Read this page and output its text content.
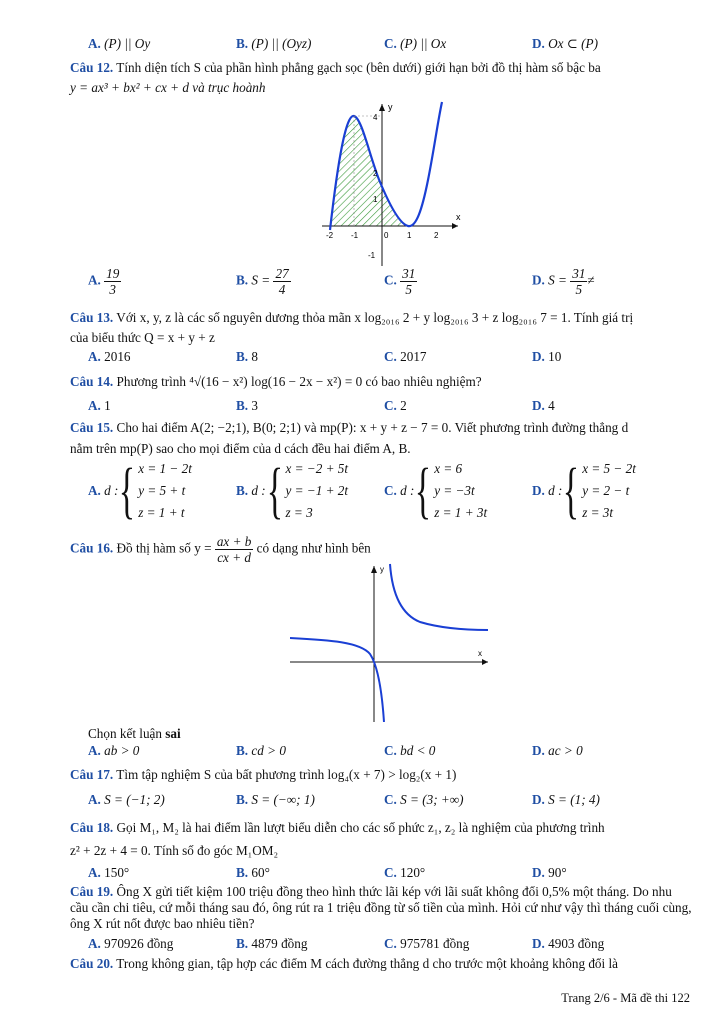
A. (P) || Oy	B. (P) || (Oyz)	C. (P) || Ox	D. Ox ⊂ (P)
Câu 12. Tính diện tích S của phần hình phẳng gạch sọc (bên dưới) giới hạn bởi đồ thị hàm số bậc ba
y = ax³ + bx² + cx + d và trục hoành
y
x
-2 -1	0 1	2
4
2
1
-1
A. $\frac{19}{3}$	B. $S = \frac{27}{4}$	C. $\frac{31}{5}$	D. $S = \frac{31}{5}$ ≠
Câu 13. Với x, y, z là các số nguyên dương thỏa mãn x log₂₀₁₆ 2 + y log₂₀₁₆ 3 + z log₂₀₁₆ 7 = 1. Tính giá trị
của biểu thức Q = x + y + z
A. 2016	B. 8	C. 2017	D. 10
Câu 14. Phương trình ⁴√(16 − x²) log(16 − 2x − x²) = 0 có bao nhiêu nghiệm?
A. 1	B. 3	C. 2	D. 4
Câu 15. Cho hai điểm A(2; −2;1), B(0; 2;1) và mp(P): x + y + z − 7 = 0. Viết phương trình đường thẳng d
nằm trên mp(P) sao cho mọi điểm của d cách đều hai điểm A, B.
A. d :{ x = 1 − 2t
y = 5 + t
z = 1 + t
B. d :{ x = −2 + 5t
y = −1 + 2t
z = 3
C. d :{ x = 6
y = −3t
z = 1 + 3t
D. d :{ x = 5 − 2t
y = 2 − t
z = 3t
Câu 16. Đồ thị hàm số $y = \frac{ax + b}{cx + d}$ có dạng như hình bên
y
x
Chọn kết luận sai
A. ab > 0	B. cd > 0	C. bd < 0	D. ac > 0
Câu 17. Tìm tập nghiệm S của bất phương trình log₄(x + 7) > log₂(x + 1)
A. S = (−1; 2)	B. S = (−∞; 1)	C. S = (3; +∞)	D. S = (1; 4)
Câu 18. Gọi M₁, M₂ là hai điểm lần lượt biểu diễn cho các số phức z₁, z₂ là nghiệm của phương trình
z² + 2z + 4 = 0. Tính số đo góc M₁OM₂
A. 150°	B. 60°	C. 120°	D. 90°
Câu 19. Ông X gửi tiết kiệm 100 triệu đồng theo hình thức lãi kép với lãi suất không đổi 0,5% một tháng. Do nhu cầu cần chi tiêu, cứ mỗi tháng sau đó, ông rút ra 1 triệu đồng từ số tiền của mình. Hỏi cứ như vậy thì tháng cuối cùng, ông X rút nốt được bao nhiêu tiền?
A. 970926 đồng	B. 4879 đồng	C. 975781 đồng	D. 4903 đồng
Câu 20. Trong không gian, tập hợp các điểm M cách đường thẳng d cho trước một khoảng không đổi là
Trang 2/6 - Mã đề thi 122
